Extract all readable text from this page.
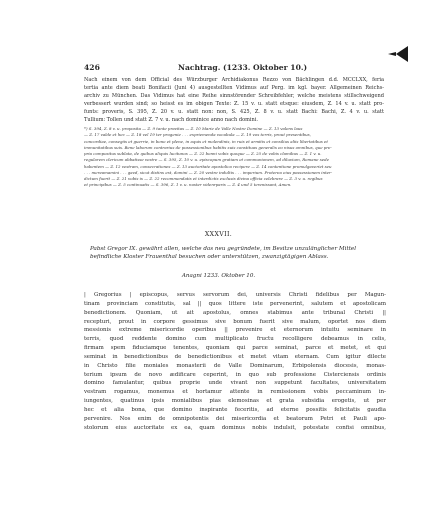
426	Nachtrag. (1233. Oktober 10.)
Nach einem von dem Official des Würzburger Archidiakonus Rezzo von Bächlingen d.d. MCCLXX, feria
tertia ante diem beati Bonifacii (Juni 4) ausgestellten Vidimus auf Perg. im kgl. bayer. Allgemeinen Reichs-
archiv zu München. Das Vidimus hat eine Reihe sinnstörender Schreibfehler, welche meistens stillschweigend
verbessert wurden sind; so heisst es im obigen Texte: Z. 15 v. u. statt etsque: eiusdem, Z. 14 v. u. statt pro-
funts: proveris, S. 395, Z. 20 v. u. statt non: non, S. 425, Z. 8 v. u. statt Bachi: Bachi, Z. 4 v. u. statt
Tullium: Tollen und statt Z. 7 v. u. nach dominice anno nach domini.
*) S. 394, Z. 8 v. u. proposita — Z. 9 tante pravitas — Z. 10 Marie de Valle Nostre Domine — Z. 13 valens laus
— Z. 17 valde et hec — Z. 18 vel 19 ter progenie . . . expriemenda vocabula — Z. 19 vox terris, prout presentibus,
concordiae, consegiis et guerrie, in bono et plene, in aquis et molendinis, in ruis et armitis et consilius aliis libertatibus et
immunitatibus suis. Bene laborum contrarius de possessionibus habitis suis constituas generalis eo nisus omnibus, que pre-
pria compositus sublata, de quibus aliquis lucitunos — Z. 22 bonni vobis quoque — Z. 25 de vobis clamibus — Z. 1 v. u.
regularem clericum abbatisse vestre — S. 395, Z. 10 v. u. episcopum gratiam et communionem, ad diluvium, Romane sede
habentem — Z. 12 vestram, consecrationes — Z. 13 auctoritate apostolica recipere — Z. 14 contentione promulgaveriet seu
. . . mereamamini . . . gavd, sicut distinx est, domini — Z. 20 vestre indultis . . . imperium. Proterea eius possessionem inter-
dictum fuerit — Z. 21 vobis is — Z. 22 recommendatis et interdictis exclusis divina officia celebrare — Z. 3 v. u. regibus
et principibus — Z. 5 continuatis — S. 396, Z. 1 v. u. noster videnrparis — Z. 4 und 5 terenissant, Amen.
XXXVII.
Pabst Gregor IX. gewährt allen, welche das neu gegründete, im Besitze unzulänglicher Mittel
befindliche Kloster Frauenthal besuchen oder unterstützen, zwanzigtägigen Ablass.
Anagni 1233. Oktober 10.
| Gregorius | episcopus, servus servorum dei, universis Christi fidelibus per Magun-
tinam provinciam constitutis, sal || quos littere iste pervenerint, salutem et apostolicam
benedictionem. Quoniam, ut ait apostolus, omnes stabimus ante tribunal Christi ||
recepturi, prout in corpore gessimus sive bonum fuerit sive malum, oportet nos diem
messionis extreme misericordie operibus || prevenire et eternorum intuitu seminare in
terris, quod reddente domino cum multiplicato fructu recolligere debeamus in celis,
firmam spem fiduciamque tenentes, quoniam qui parce seminat, parce et metet, et qui
seminat in benedictionibus de benedictionibus et metet vitam eternam. Cum igitur dilecte
in Christo filie moniales monasterii de Valle Dominarum, Erbipolensis diocesis, monas-
terium ipsum de novo ædificare ceperint, in quo sub professione Cisterciensis ordinis
domino famulantur, quibus proprie unde vivant non suppetunt facultates, universitatem
vestram rogamus, monemus et hortamur attente in remissionem vobis peccaminum in-
iungentes, quatinus ipsis monialibus pias elemosinas et grata subsidia erogetis, ut per
hec et alia bona, que domino inspirante feceritis, ad eterne possitis felicitatis gaudia
pervenire. Nos enim de omnipotentis dei misericordia et beatorum Petri et Pauli apo-
stolorum eius auctoritate ex ea, quam dominus nobis indulsit, potestate confisi omnibus,
